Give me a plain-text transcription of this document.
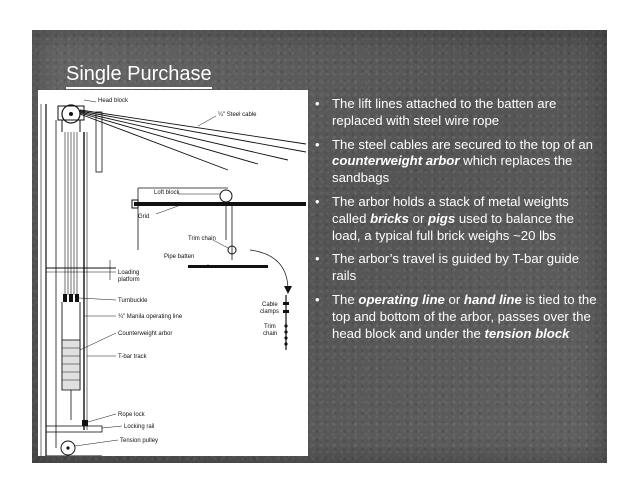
Single Purchase
Head block
¼" Steel cable
Loft block
Grid
Trim chain
Pipe batten
Loading
platform
Turnbuckle
¾" Manila operating line
Counterweight arbor
T-bar track
Rope lock
Locking rail
Tension pulley
Cable
clamps
Trim
chain
• The lift lines attached to the batten are replaced with steel wire rope
• The steel cables are secured to the top of an counterweight arbor which replaces the sandbags
• The arbor holds a stack of metal weights called bricks or pigs used to balance the load, a typical full brick weighs ~20 lbs
• The arbor’s travel is guided by T-bar guide rails
• The operating line or hand line is tied to the top and bottom of the arbor, passes over the head block and under the tension block
